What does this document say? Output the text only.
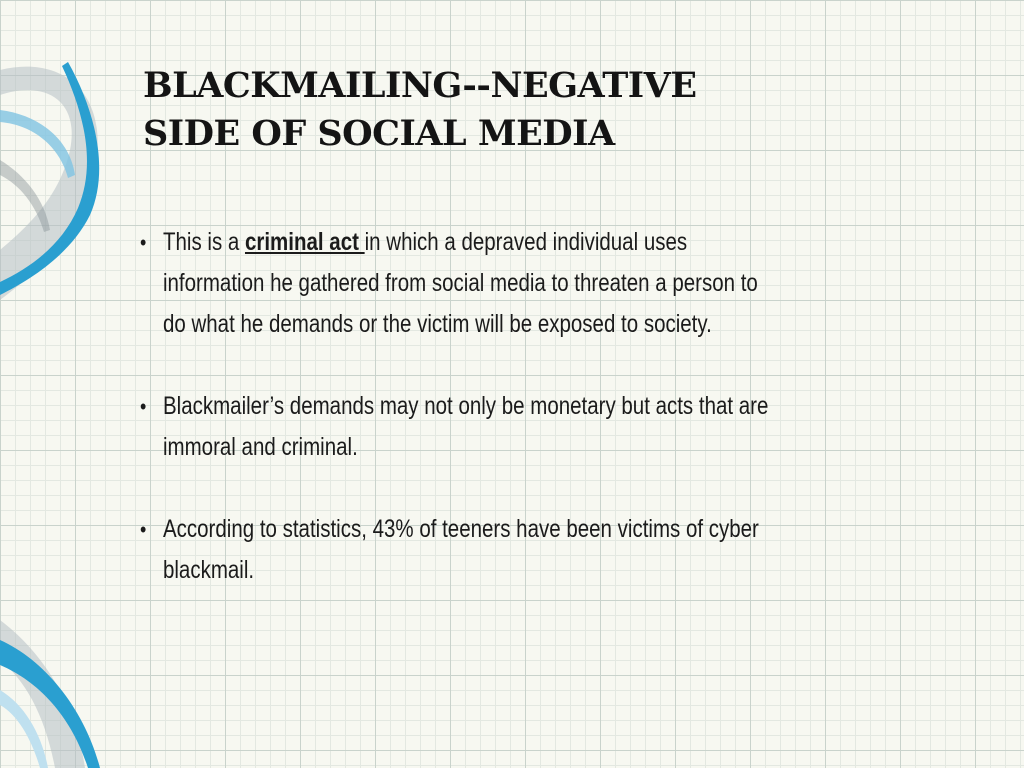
BLACKMAILING--NEGATIVE SIDE OF SOCIAL MEDIA
• This is a criminal act in which a depraved individual uses information he gathered from social media to threaten a person to do what he demands or the victim will be exposed to society.
• Blackmailer’s demands may not only be monetary but acts that are immoral and criminal.
• According to statistics, 43% of teeners have been victims of cyber blackmail.
